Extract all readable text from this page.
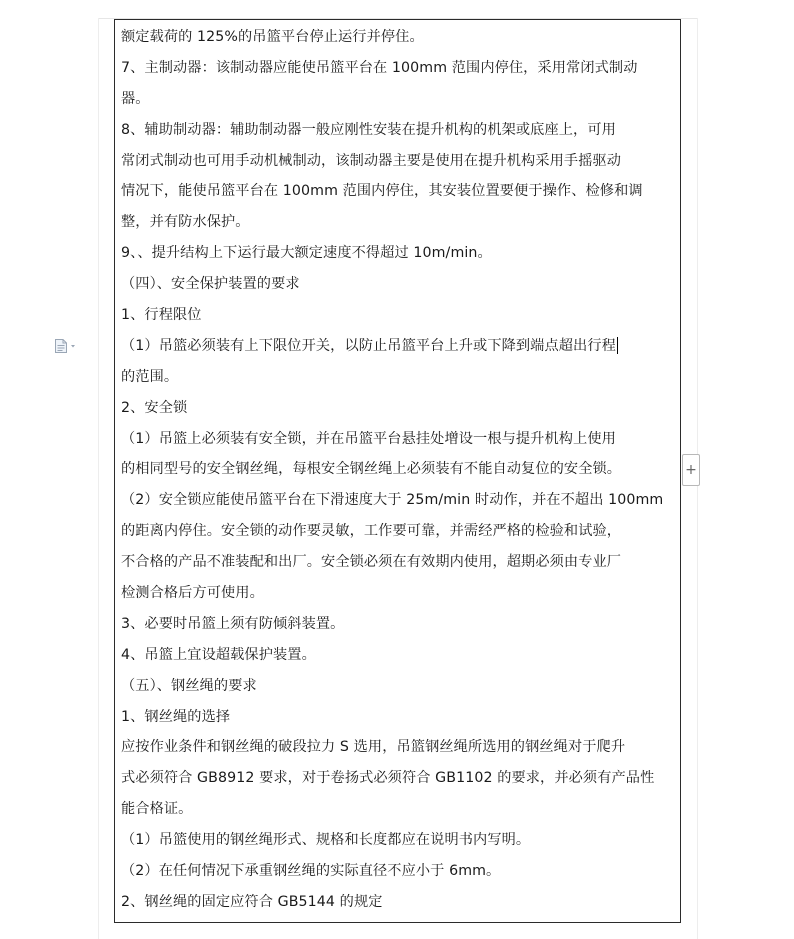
额定载荷的 125%的吊篮平台停止运行并停住。
7、主制动器：该制动器应能使吊篮平台在 100mm 范围内停住，采用常闭式制动
器。
8、辅助制动器：辅助制动器一般应刚性安装在提升机构的机架或底座上，可用
常闭式制动也可用手动机械制动，该制动器主要是使用在提升机构采用手摇驱动
情况下，能使吊篮平台在 100mm 范围内停住，其安装位置要便于操作、检修和调
整，并有防水保护。
9、、提升结构上下运行最大额定速度不得超过 10m/min。
（四）、安全保护装置的要求
1、行程限位
（1）吊篮必须装有上下限位开关，以防止吊篮平台上升或下降到端点超出行程
的范围。
2、安全锁
（1）吊篮上必须装有安全锁，并在吊篮平台悬挂处增设一根与提升机构上使用
的相同型号的安全钢丝绳，每根安全钢丝绳上必须装有不能自动复位的安全锁。
（2）安全锁应能使吊篮平台在下滑速度大于 25m/min 时动作，并在不超出 100mm
的距离内停住。安全锁的动作要灵敏，工作要可靠，并需经严格的检验和试验，
不合格的产品不准装配和出厂。安全锁必须在有效期内使用，超期必须由专业厂
检测合格后方可使用。
3、必要时吊篮上须有防倾斜装置。
4、吊篮上宜设超载保护装置。
（五）、钢丝绳的要求
1、钢丝绳的选择
应按作业条件和钢丝绳的破段拉力 S 选用，吊篮钢丝绳所选用的钢丝绳对于爬升
式必须符合 GB8912 要求，对于卷扬式必须符合 GB1102 的要求，并必须有产品性
能合格证。
（1）吊篮使用的钢丝绳形式、规格和长度都应在说明书内写明。
（2）在任何情况下承重钢丝绳的实际直径不应小于 6mm。
2、钢丝绳的固定应符合 GB5144 的规定
+
